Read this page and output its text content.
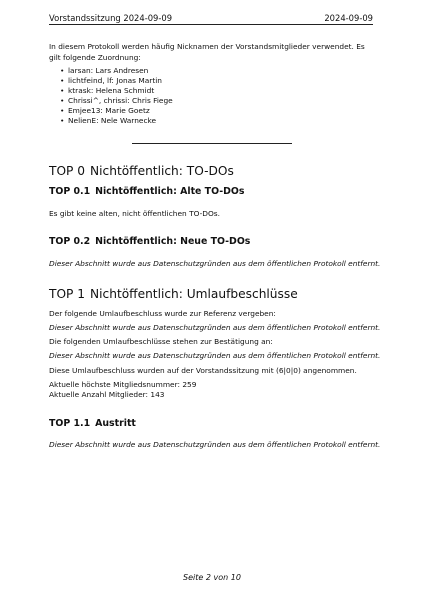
Vorstandssitzung 2024-09-09	2024-09-09

In diesem Protokoll werden häufig Nicknamen der Vorstandsmitglieder verwendet. Es gilt folgende Zuordnung:

• larsan: Lars Andresen
• lichtfeind, lf: Jonas Martin
• ktrask: Helena Schmidt
• Chrissi^, chrissi: Chris Fiege
• Emjee13: Marie Goetz
• NelienE: Nele Warnecke
TOP 0 Nichtöffentlich: TO-DOs
TOP 0.1 Nichtöffentlich: Alte TO-DOs

Es gibt keine alten, nicht öffentlichen TO-DOs.

TOP 0.2 Nichtöffentlich: Neue TO-DOs

Dieser Abschnitt wurde aus Datenschutzgründen aus dem öffentlichen Protokoll entfernt.

TOP 1 Nichtöffentlich: Umlaufbeschlüsse

Der folgende Umlaufbeschluss wurde zur Referenz vergeben:

Dieser Abschnitt wurde aus Datenschutzgründen aus dem öffentlichen Protokoll entfernt.

Die folgenden Umlaufbeschlüsse stehen zur Bestätigung an:

Dieser Abschnitt wurde aus Datenschutzgründen aus dem öffentlichen Protokoll entfernt.

Diese Umlaufbeschluss wurden auf der Vorstandssitzung mit (6|0|0) angenommen.

Aktuelle höchste Mitgliedsnummer: 259

Aktuelle Anzahl Mitglieder: 143

TOP 1.1 Austritt

Dieser Abschnitt wurde aus Datenschutzgründen aus dem öffentlichen Protokoll entfernt.

Seite 2 von 10
